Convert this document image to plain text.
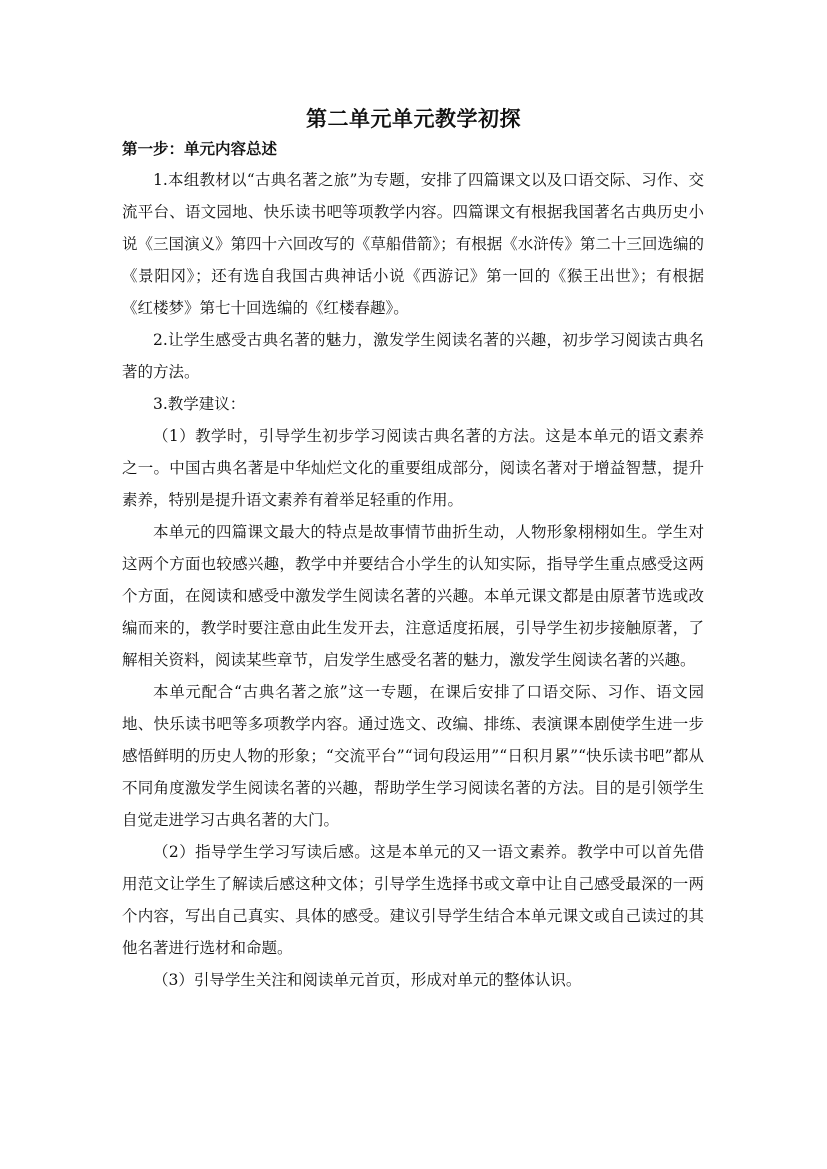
第二单元单元教学初探
第一步：单元内容总述

1.本组教材以“古典名著之旅”为专题，安排了四篇课文以及口语交际、习作、交流平台、语文园地、快乐读书吧等项教学内容。四篇课文有根据我国著名古典历史小说《三国演义》第四十六回改写的《草船借箭》；有根据《水浒传》第二十三回选编的《景阳冈》；还有选自我国古典神话小说《西游记》第一回的《猴王出世》；有根据《红楼梦》第七十回选编的《红楼春趣》。

2.让学生感受古典名著的魅力，激发学生阅读名著的兴趣，初步学习阅读古典名著的方法。

3.教学建议：

（1）教学时，引导学生初步学习阅读古典名著的方法。这是本单元的语文素养之一。中国古典名著是中华灿烂文化的重要组成部分，阅读名著对于增益智慧，提升素养，特别是提升语文素养有着举足轻重的作用。

本单元的四篇课文最大的特点是故事情节曲折生动，人物形象栩栩如生。学生对这两个方面也较感兴趣，教学中并要结合小学生的认知实际，指导学生重点感受这两个方面，在阅读和感受中激发学生阅读名著的兴趣。本单元课文都是由原著节选或改编而来的，教学时要注意由此生发开去，注意适度拓展，引导学生初步接触原著，了解相关资料，阅读某些章节，启发学生感受名著的魅力，激发学生阅读名著的兴趣。

本单元配合“古典名著之旅”这一专题，在课后安排了口语交际、习作、语文园地、快乐读书吧等多项教学内容。通过选文、改编、排练、表演课本剧使学生进一步感悟鲜明的历史人物的形象；“交流平台”“词句段运用”“日积月累”“快乐读书吧”都从不同角度激发学生阅读名著的兴趣，帮助学生学习阅读名著的方法。目的是引领学生自觉走进学习古典名著的大门。

（2）指导学生学习写读后感。这是本单元的又一语文素养。教学中可以首先借用范文让学生了解读后感这种文体；引导学生选择书或文章中让自己感受最深的一两个内容，写出自己真实、具体的感受。建议引导学生结合本单元课文或自己读过的其他名著进行选材和命题。

（3）引导学生关注和阅读单元首页，形成对单元的整体认识。
